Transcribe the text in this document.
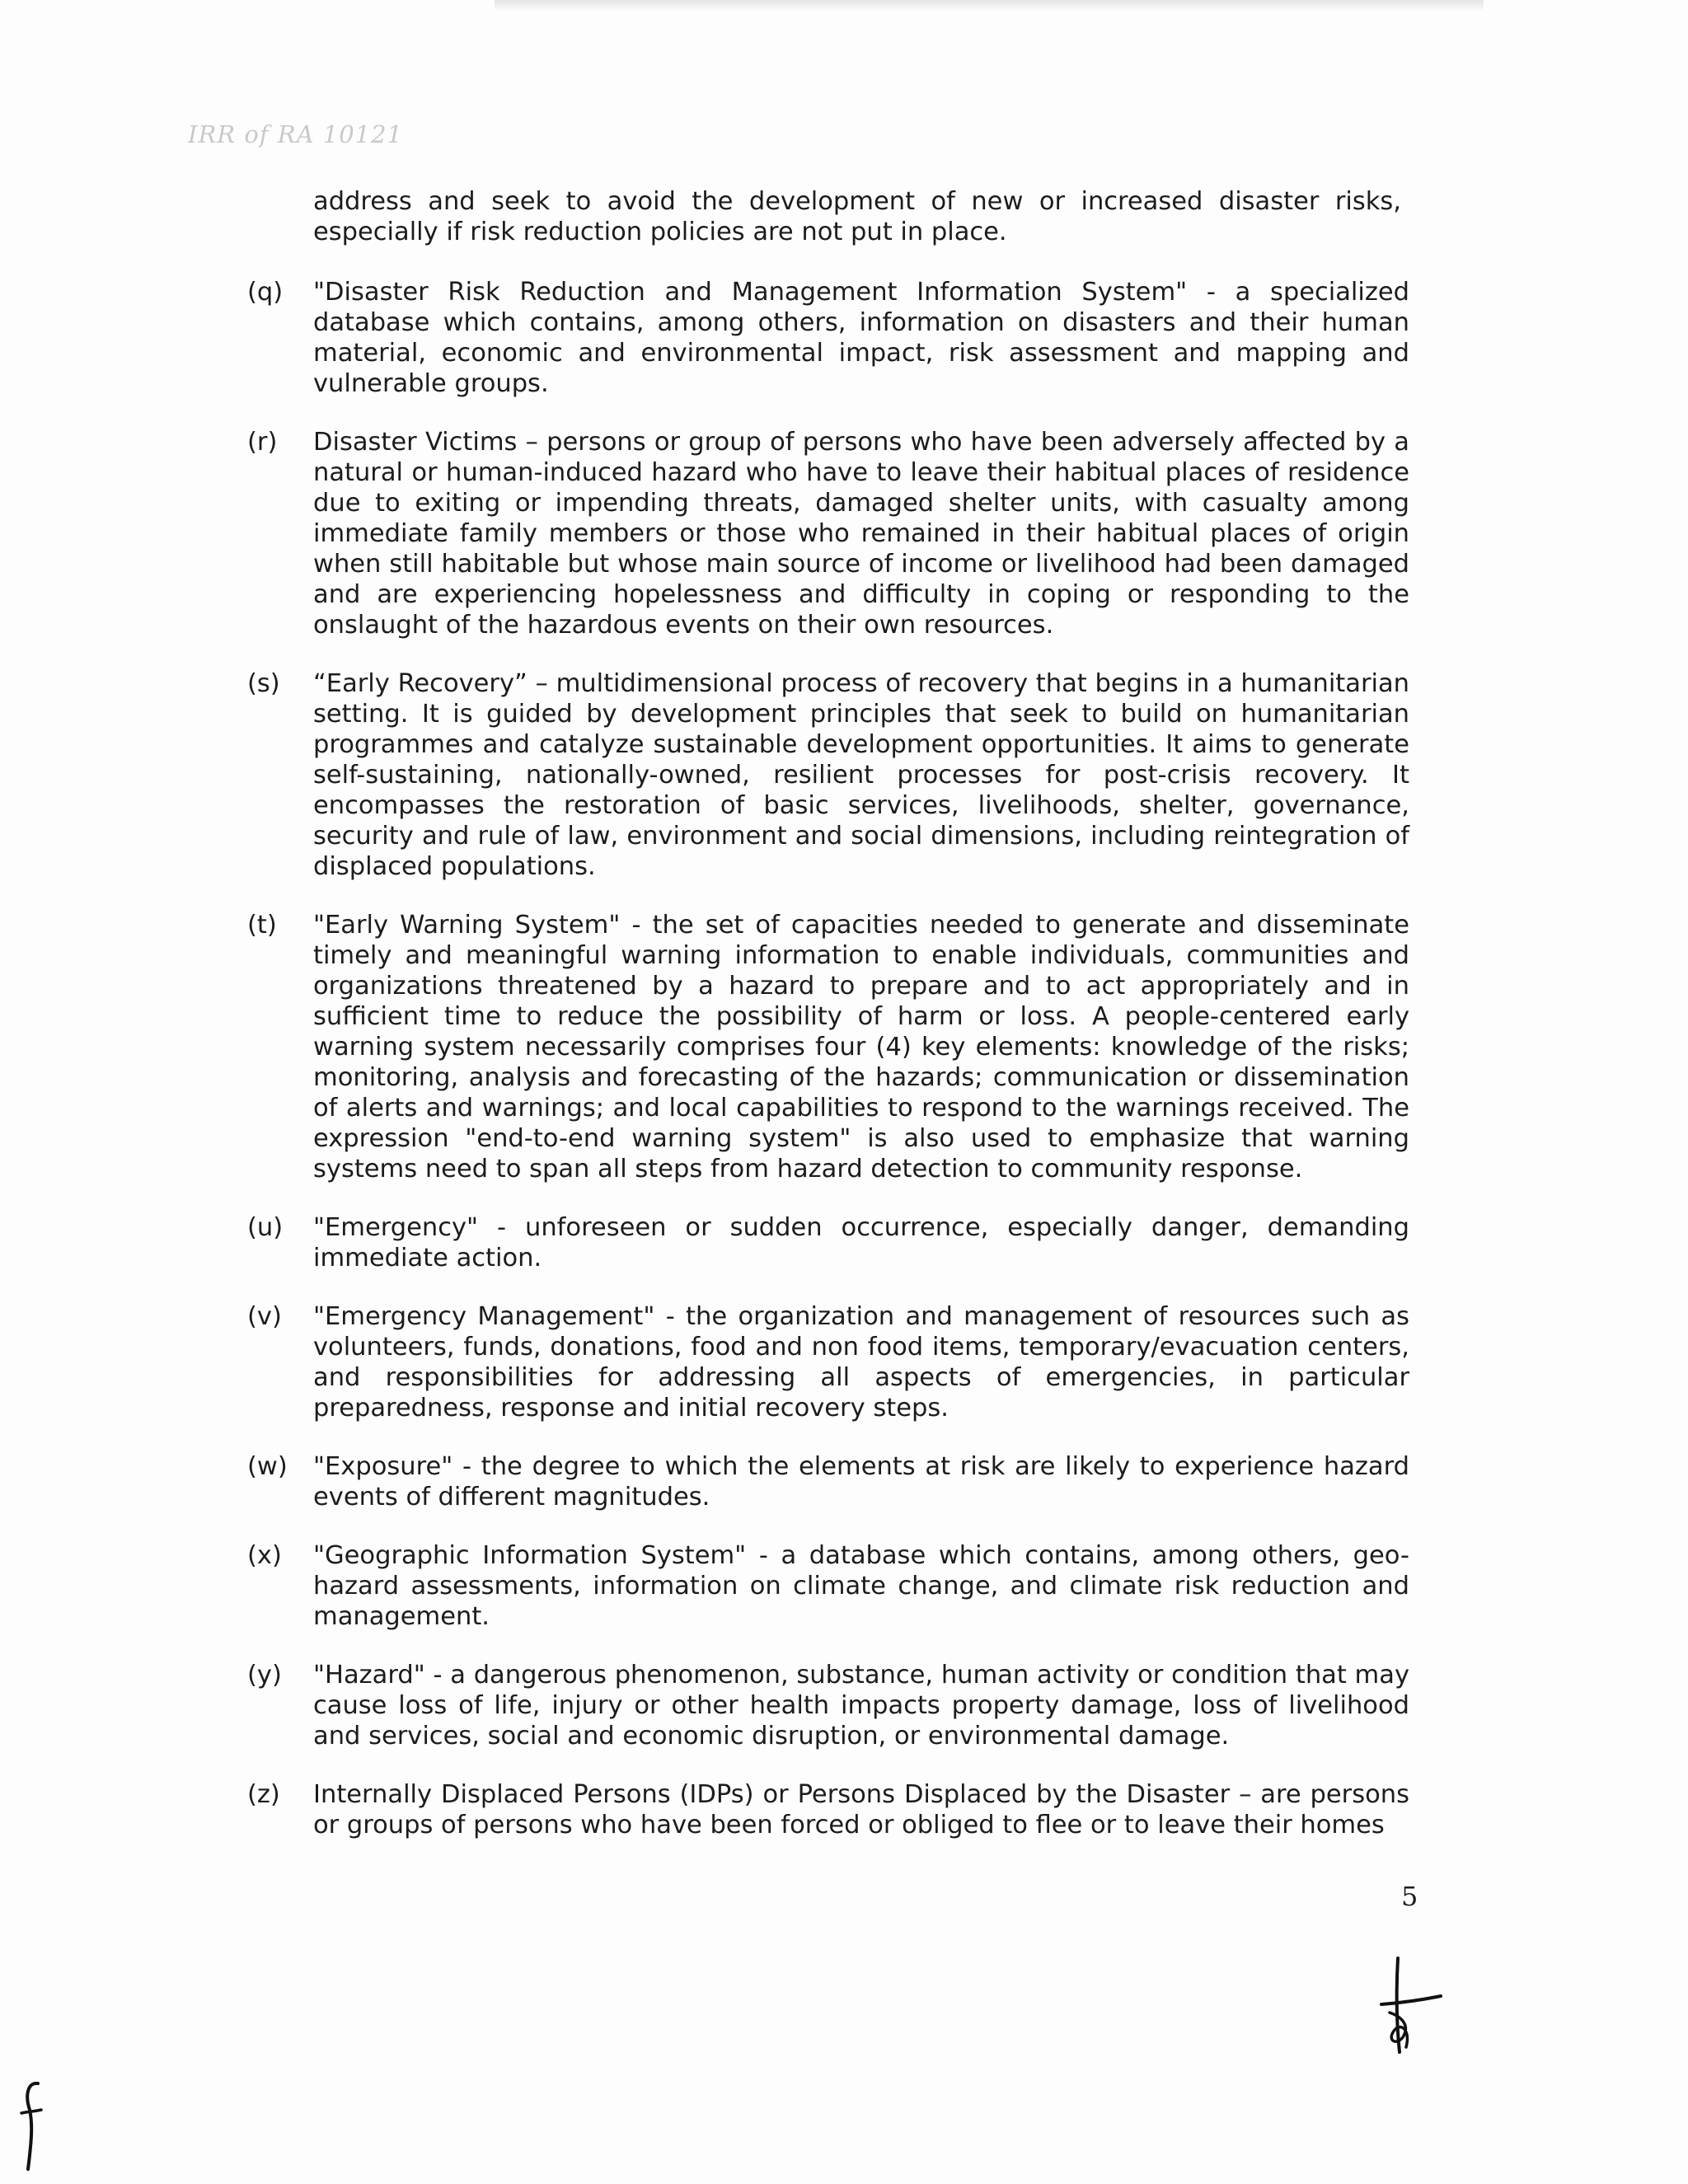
IRR of RA 10121
address and seek to avoid the development of new or increased disaster risks, especially if risk reduction policies are not put in place.
(q)	"Disaster Risk Reduction and Management Information System" - a specialized database which contains, among others, information on disasters and their human material, economic and environmental impact, risk assessment and mapping and vulnerable groups.
(r)	Disaster Victims – persons or group of persons who have been adversely affected by a natural or human-induced hazard who have to leave their habitual places of residence due to exiting or impending threats, damaged shelter units, with casualty among immediate family members or those who remained in their habitual places of origin when still habitable but whose main source of income or livelihood had been damaged and are experiencing hopelessness and difficulty in coping or responding to the onslaught of the hazardous events on their own resources.
(s)	“Early Recovery” – multidimensional process of recovery that begins in a humanitarian setting. It is guided by development principles that seek to build on humanitarian programmes and catalyze sustainable development opportunities. It aims to generate self-sustaining, nationally-owned, resilient processes for post-crisis recovery. It encompasses the restoration of basic services, livelihoods, shelter, governance, security and rule of law, environment and social dimensions, including reintegration of displaced populations.
(t)	"Early Warning System" - the set of capacities needed to generate and disseminate timely and meaningful warning information to enable individuals, communities and organizations threatened by a hazard to prepare and to act appropriately and in sufficient time to reduce the possibility of harm or loss. A people-centered early warning system necessarily comprises four (4) key elements: knowledge of the risks; monitoring, analysis and forecasting of the hazards; communication or dissemination of alerts and warnings; and local capabilities to respond to the warnings received. The expression "end-to-end warning system" is also used to emphasize that warning systems need to span all steps from hazard detection to community response.
(u)	"Emergency" - unforeseen or sudden occurrence, especially danger, demanding immediate action.
(v)	"Emergency Management" - the organization and management of resources such as volunteers, funds, donations, food and non food items, temporary/evacuation centers, and responsibilities for addressing all aspects of emergencies, in particular preparedness, response and initial recovery steps.
(w)	"Exposure" - the degree to which the elements at risk are likely to experience hazard events of different magnitudes.
(x)	"Geographic Information System" - a database which contains, among others, geo-hazard assessments, information on climate change, and climate risk reduction and management.
(y)	"Hazard" - a dangerous phenomenon, substance, human activity or condition that may cause loss of life, injury or other health impacts property damage, loss of livelihood and services, social and economic disruption, or environmental damage.
(z)	Internally Displaced Persons (IDPs) or Persons Displaced by the Disaster – are persons or groups of persons who have been forced or obliged to flee or to leave their homes
5
